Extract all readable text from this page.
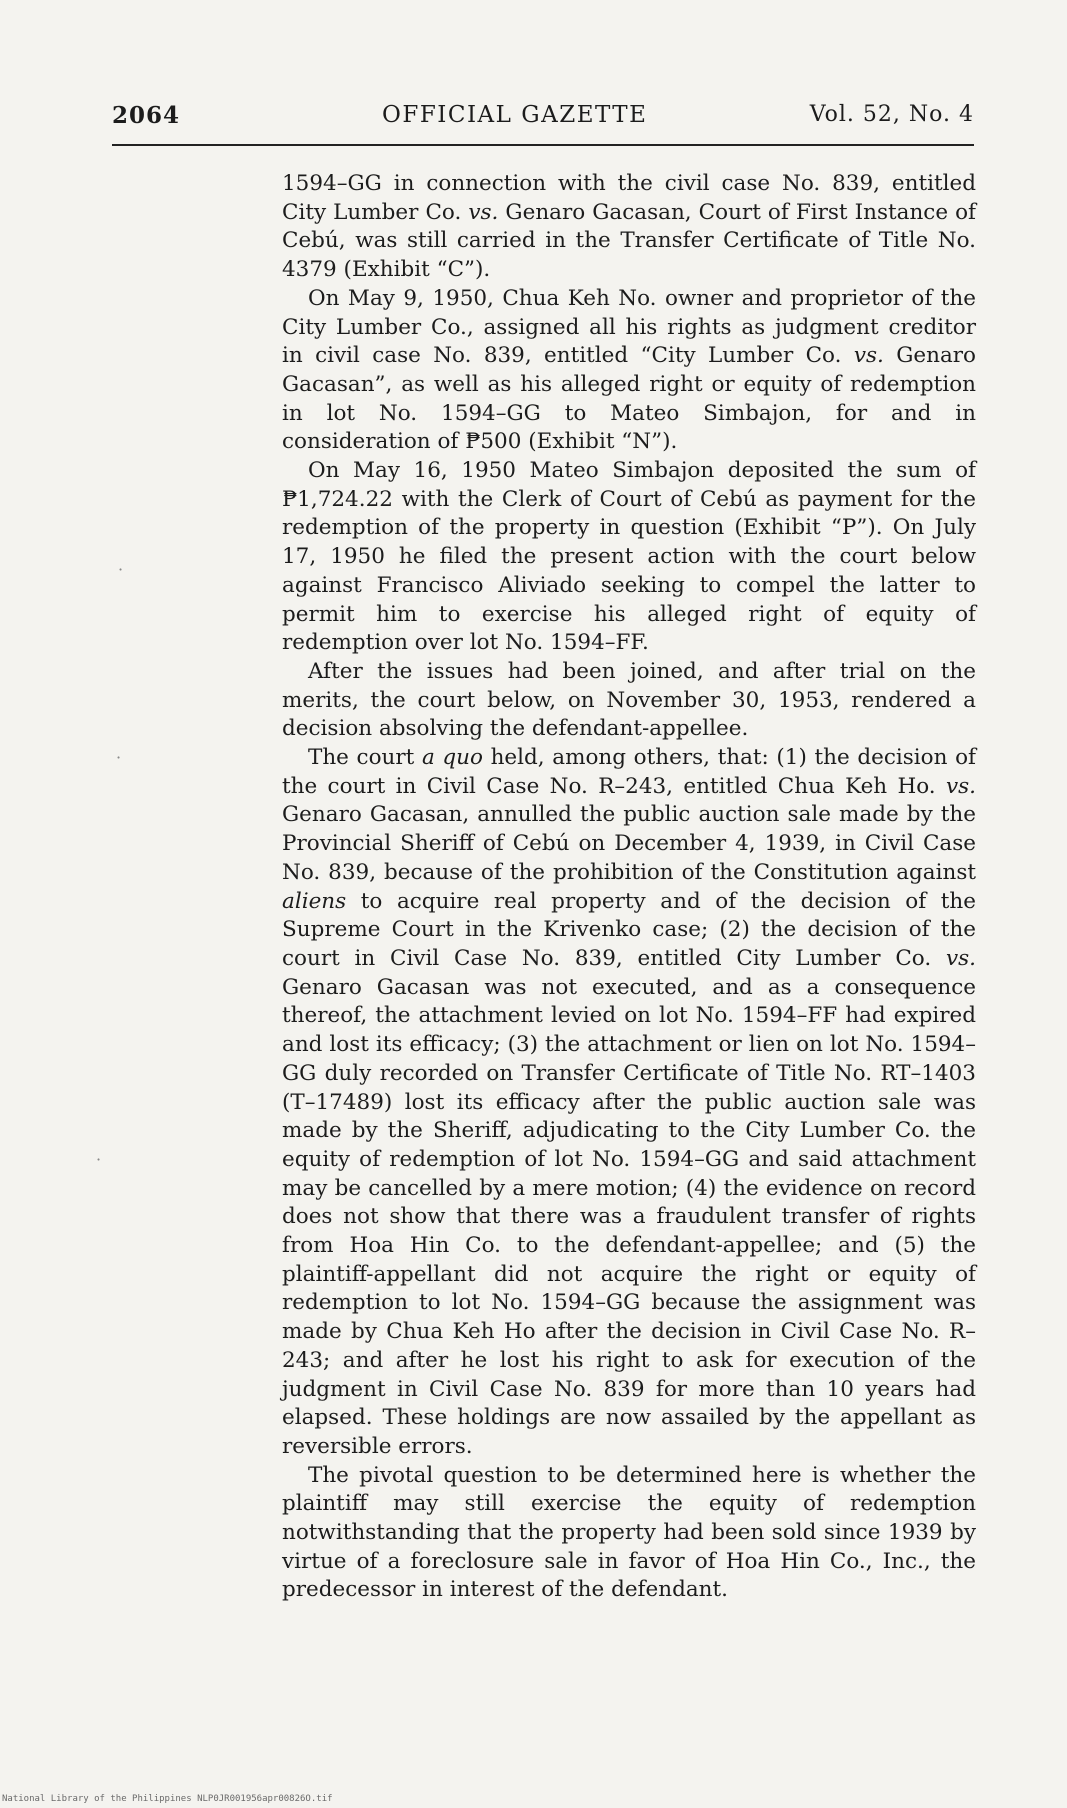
2064	OFFICIAL GAZETTE	Vol. 52, No. 4
·
·
·

1594–GG in connection with the civil case No. 839, entitled City Lumber Co. vs. Genaro Gacasan, Court of First Instance of Cebú, was still carried in the Transfer Certificate of Title No. 4379 (Exhibit “C”).

On May 9, 1950, Chua Keh No. owner and proprietor of the City Lumber Co., assigned all his rights as judgment creditor in civil case No. 839, entitled “City Lumber Co. vs. Genaro Gacasan”, as well as his alleged right or equity of redemption in lot No. 1594–GG to Mateo Simbajon, for and in consideration of ₱500 (Exhibit “N”).

On May 16, 1950 Mateo Simbajon deposited the sum of ₱1,724.22 with the Clerk of Court of Cebú as payment for the redemption of the property in question (Exhibit “P”). On July 17, 1950 he filed the present action with the court below against Francisco Aliviado seeking to compel the latter to permit him to exercise his alleged right of equity of redemption over lot No. 1594–FF.

After the issues had been joined, and after trial on the merits, the court below, on November 30, 1953, rendered a decision absolving the defendant-appellee.

The court a quo held, among others, that: (1) the decision of the court in Civil Case No. R–243, entitled Chua Keh Ho. vs. Genaro Gacasan, annulled the public auction sale made by the Provincial Sheriff of Cebú on December 4, 1939, in Civil Case No. 839, because of the prohibition of the Constitution against aliens to acquire real property and of the decision of the Supreme Court in the Krivenko case; (2) the decision of the court in Civil Case No. 839, entitled City Lumber Co. vs. Genaro Gacasan was not executed, and as a consequence thereof, the attachment levied on lot No. 1594–FF had expired and lost its efficacy; (3) the attachment or lien on lot No. 1594–GG duly recorded on Transfer Certificate of Title No. RT–1403 (T–17489) lost its efficacy after the public auction sale was made by the Sheriff, adjudicating to the City Lumber Co. the equity of redemption of lot No. 1594–GG and said attachment may be cancelled by a mere motion; (4) the evidence on record does not show that there was a fraudulent transfer of rights from Hoa Hin Co. to the defendant-appellee; and (5) the plaintiff-appellant did not acquire the right or equity of redemption to lot No. 1594–GG because the assignment was made by Chua Keh Ho after the decision in Civil Case No. R–243; and after he lost his right to ask for execution of the judgment in Civil Case No. 839 for more than 10 years had elapsed. These holdings are now assailed by the appellant as reversible errors.

The pivotal question to be determined here is whether the plaintiff may still exercise the equity of redemption notwithstanding that the property had been sold since 1939 by virtue of a foreclosure sale in favor of Hoa Hin Co., Inc., the predecessor in interest of the defendant.

National Library of the Philippines NLP0JR001956apr00826O.tif
